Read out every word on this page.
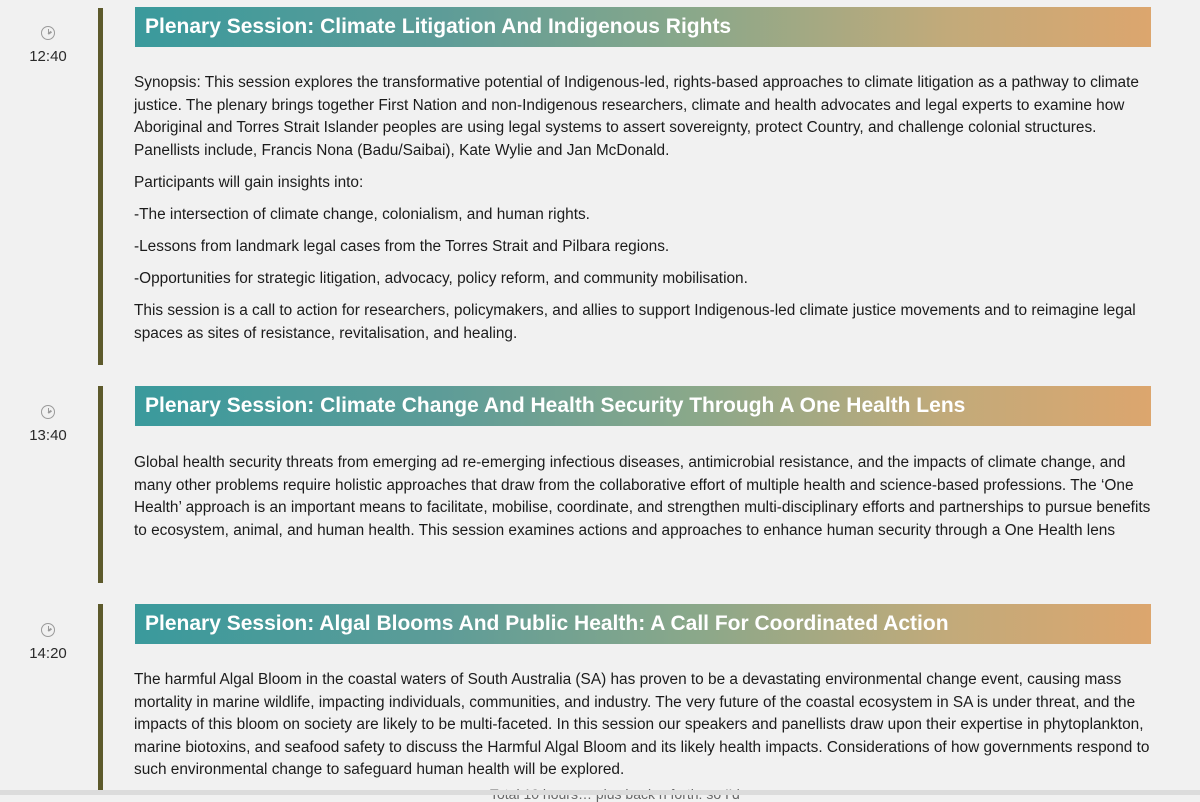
12:40
Plenary Session: Climate Litigation And Indigenous Rights

Synopsis: This session explores the transformative potential of Indigenous-led, rights-based approaches to climate litigation as a pathway to climate justice. The plenary brings together First Nation and non-Indigenous researchers, climate and health advocates and legal experts to examine how Aboriginal and Torres Strait Islander peoples are using legal systems to assert sovereignty, protect Country, and challenge colonial structures. Panellists include, Francis Nona (Badu/Saibai), Kate Wylie and Jan McDonald.

Participants will gain insights into:

-The intersection of climate change, colonialism, and human rights.

-Lessons from landmark legal cases from the Torres Strait and Pilbara regions.

-Opportunities for strategic litigation, advocacy, policy reform, and community mobilisation.

This session is a call to action for researchers, policymakers, and allies to support Indigenous-led climate justice movements and to reimagine legal spaces as sites of resistance, revitalisation, and healing.

13:40
Plenary Session: Climate Change And Health Security Through A One Health Lens

Global health security threats from emerging ad re-emerging infectious diseases, antimicrobial resistance, and the impacts of climate change, and many other problems require holistic approaches that draw from the collaborative effort of multiple health and science-based professions. The ‘One Health’ approach is an important means to facilitate, mobilise, coordinate, and strengthen multi-disciplinary efforts and partnerships to pursue benefits to ecosystem, animal, and human health. This session examines actions and approaches to enhance human security through a One Health lens

14:20
Plenary Session: Algal Blooms And Public Health: A Call For Coordinated Action

The harmful Algal Bloom in the coastal waters of South Australia (SA) has proven to be a devastating environmental change event, causing mass mortality in marine wildlife, impacting individuals, communities, and industry. The very future of the coastal ecosystem in SA is under threat, and the impacts of this bloom on society are likely to be multi-faceted. In this session our speakers and panellists draw upon their expertise in phytoplankton, marine biotoxins, and seafood safety to discuss the Harmful Algal Bloom and its likely health impacts. Considerations of how governments respond to such environmental change to safeguard human health will be explored.
